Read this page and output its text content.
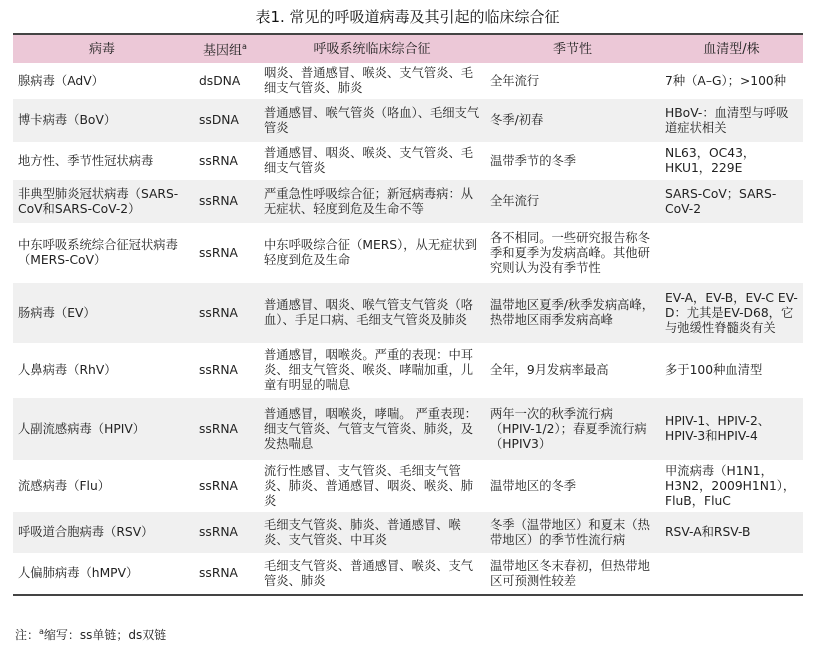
表1. 常见的呼吸道病毒及其引起的临床综合征
病毒	基因组$^a$	呼吸系统临床综合征	季节性	血清型/株
腺病毒（AdV）	dsDNA	咽炎、普通感冒、喉炎、支气管炎、毛细支气管炎、肺炎	全年流行	7种（A–G）；>100种
博卡病毒（BoV）	ssDNA	普通感冒、喉气管炎（咯血）、毛细支气管炎	冬季/初春	HBoV-：血清型与呼吸道症状相关
地方性、季节性冠状病毒	ssRNA	普通感冒、咽炎、喉炎、支气管炎、毛细支气管炎	温带季节的冬季	NL63，OC43，HKU1，229E
非典型肺炎冠状病毒（SARS-CoV和SARS-CoV-2）	ssRNA	严重急性呼吸综合征；新冠病毒病：从无症状、轻度到危及生命不等	全年流行	SARS-CoV；SARS-CoV-2
中东呼吸系统综合征冠状病毒（MERS-CoV）	ssRNA	中东呼吸综合征（MERS），从无症状到轻度到危及生命	各不相同。一些研究报告称冬季和夏季为发病高峰。其他研究则认为没有季节性	
肠病毒（EV）	ssRNA	普通感冒、咽炎、喉气管支气管炎（咯血）、手足口病、毛细支气管炎及肺炎	温带地区夏季/秋季发病高峰，热带地区雨季发病高峰	EV-A，EV-B，EV-C EV-D：尤其是EV-D68，它与弛缓性脊髓炎有关
人鼻病毒（RhV）	ssRNA	普通感冒，咽喉炎。严重的表现：中耳炎、细支气管炎、喉炎、哮喘加重，儿童有明显的喘息	全年，9月发病率最高	多于100种血清型
人副流感病毒（HPIV）	ssRNA	普通感冒，咽喉炎，哮喘。 严重表现：细支气管炎、气管支气管炎、肺炎，及发热喘息	两年一次的秋季流行病（HPIV-1/2）；春夏季流行病（HPIV3）	HPIV-1、HPIV-2、HPIV-3和HPIV-4
流感病毒（Flu）	ssRNA	流行性感冒、支气管炎、毛细支气管炎、肺炎、普通感冒、咽炎、喉炎、肺炎	温带地区的冬季	甲流病毒（H1N1，H3N2，2009H1N1），FluB，FluC
呼吸道合胞病毒（RSV）	ssRNA	毛细支气管炎、肺炎、普通感冒、喉炎、支气管炎、中耳炎	冬季（温带地区）和夏末（热带地区）的季节性流行病	RSV-A和RSV-B
人偏肺病毒（hMPV）	ssRNA	毛细支气管炎、普通感冒、喉炎、支气管炎、肺炎	温带地区冬末春初，但热带地区可预测性较差	
注：$^a$缩写：ss单链；ds双链
